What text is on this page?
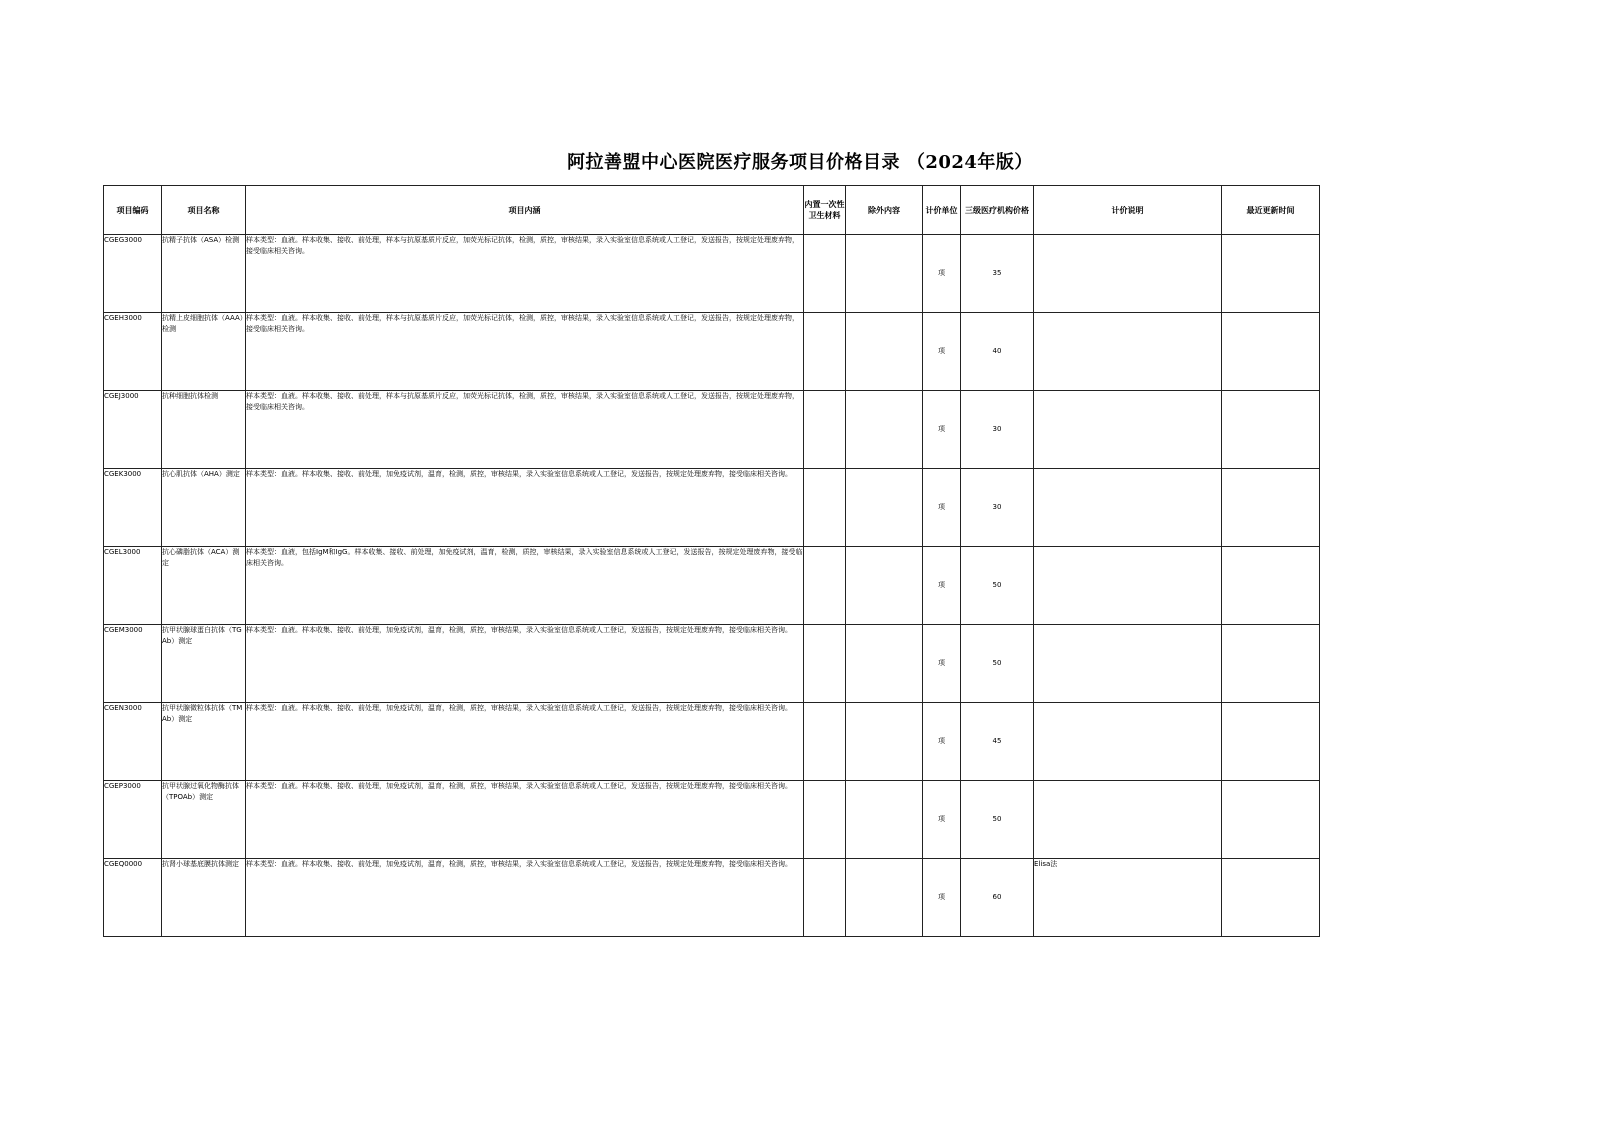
阿拉善盟中心医院医疗服务项目价格目录 （2024年版）
项目编码	项目名称	项目内涵	内置一次性卫生材料	除外内容	计价单位	三级医疗机构价格	计价说明	最近更新时间
CGEG3000	抗精子抗体（ASA）检测	样本类型：血液。样本收集、接收、前处理，样本与抗原基质片反应，加荧光标记抗体，检测，质控，审核结果，录入实验室信息系统或人工登记，发送报告，按规定处理废弃物，接受临床相关咨询。			项	35		
CGEH3000	抗精上皮细胞抗体（AAA）检测	样本类型：血液。样本收集、接收、前处理，样本与抗原基质片反应，加荧光标记抗体，检测，质控，审核结果，录入实验室信息系统或人工登记，发送报告，按规定处理废弃物，接受临床相关咨询。			项	40		
CGEJ3000	抗种细胞抗体检测	样本类型：血液。样本收集、接收、前处理，样本与抗原基质片反应，加荧光标记抗体，检测，质控，审核结果，录入实验室信息系统或人工登记，发送报告，按规定处理废弃物，接受临床相关咨询。			项	30		
CGEK3000	抗心肌抗体（AHA）测定	样本类型：血液。样本收集、接收、前处理，加免疫试剂，温育，检测，质控，审核结果，录入实验室信息系统或人工登记，发送报告，按规定处理废弃物，接受临床相关咨询。			项	30		
CGEL3000	抗心磷脂抗体（ACA）测定	样本类型：血液，包括IgM和IgG。样本收集、接收、前处理，加免疫试剂，温育，检测，质控，审核结果，录入实验室信息系统或人工登记，发送报告，按规定处理废弃物，接受临床相关咨询。			项	50		
CGEM3000	抗甲状腺球蛋白抗体（TGAb）测定	样本类型：血液。样本收集、接收、前处理，加免疫试剂，温育，检测，质控，审核结果，录入实验室信息系统或人工登记，发送报告，按规定处理废弃物，接受临床相关咨询。			项	50		
CGEN3000	抗甲状腺微粒体抗体（TMAb）测定	样本类型：血液。样本收集、接收、前处理，加免疫试剂，温育，检测，质控，审核结果，录入实验室信息系统或人工登记，发送报告，按规定处理废弃物，接受临床相关咨询。			项	45		
CGEP3000	抗甲状腺过氧化物酶抗体（TPOAb）测定	样本类型：血液。样本收集、接收、前处理，加免疫试剂，温育，检测，质控，审核结果，录入实验室信息系统或人工登记，发送报告，按规定处理废弃物，接受临床相关咨询。			项	50		
CGEQ0000	抗肾小球基底膜抗体测定	样本类型：血液。样本收集、接收、前处理，加免疫试剂，温育，检测，质控，审核结果，录入实验室信息系统或人工登记，发送报告，按规定处理废弃物，接受临床相关咨询。			项	60	Elisa法	
